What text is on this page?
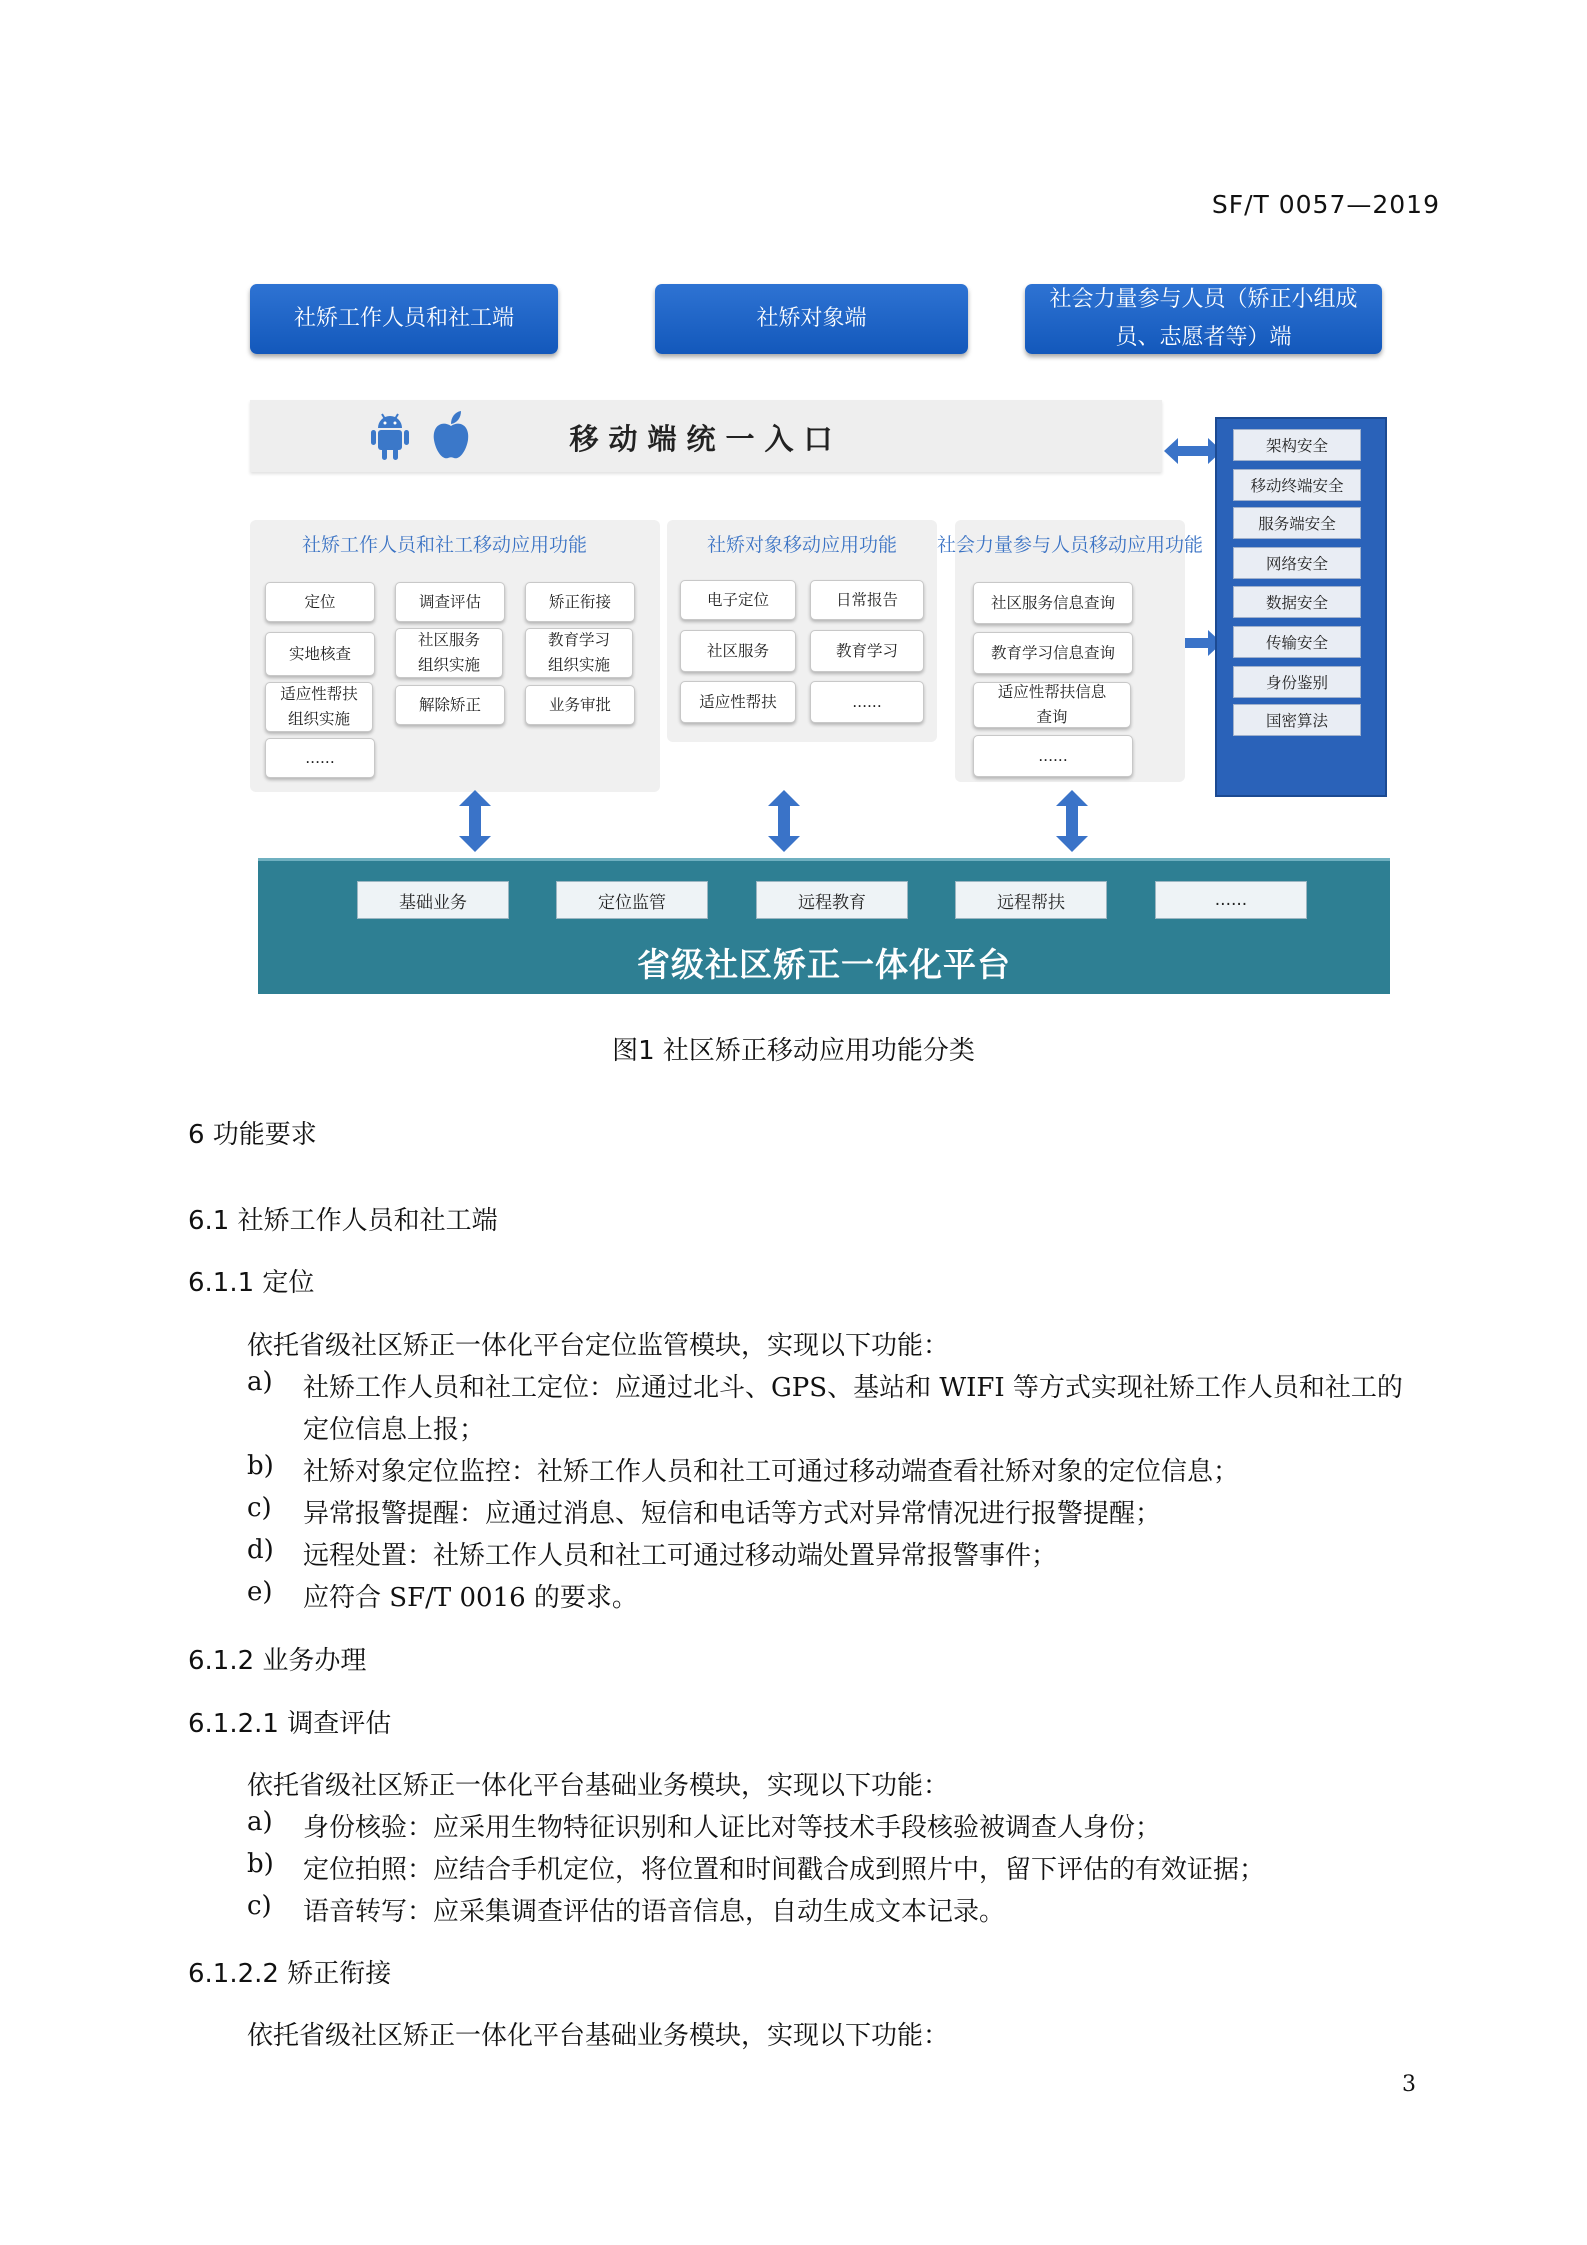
SF/T 0057—2019
社矫工作人员和社工端	社矫对象端
社会力量参与人员（矫正小组成员、志愿者等）端
移动端统一入口
社矫工作人员和社工移动应用功能
定位	调查评估	矫正衔接
实地核查
社区服务组织实施
教育学习组织实施
适应性帮扶组织实施
解除矫正	业务审批
......
社矫对象移动应用功能
电子定位	日常报告
社区服务	教育学习
适应性帮扶	......
社会力量参与人员移动应用功能
社区服务信息查询
教育学习信息查询
适应性帮扶信息查询
......
架构安全
移动终端安全
服务端安全
网络安全
数据安全
传输安全
身份鉴别
国密算法
基础业务	定位监管	远程教育	远程帮扶	......
省级社区矫正一体化平台
图1 社区矫正移动应用功能分类
6 功能要求
6.1 社矫工作人员和社工端
6.1.1 定位
依托省级社区矫正一体化平台定位监管模块，实现以下功能：
a) 社矫工作人员和社工定位：应通过北斗、GPS、基站和 WIFI 等方式实现社矫工作人员和社工的
定位信息上报；
b) 社矫对象定位监控：社矫工作人员和社工可通过移动端查看社矫对象的定位信息；
c) 异常报警提醒：应通过消息、短信和电话等方式对异常情况进行报警提醒；
d) 远程处置：社矫工作人员和社工可通过移动端处置异常报警事件；
e) 应符合 SF/T 0016 的要求。
6.1.2 业务办理
6.1.2.1 调查评估
依托省级社区矫正一体化平台基础业务模块，实现以下功能：
a) 身份核验：应采用生物特征识别和人证比对等技术手段核验被调查人身份；
b) 定位拍照：应结合手机定位，将位置和时间戳合成到照片中，留下评估的有效证据；
c) 语音转写：应采集调查评估的语音信息，自动生成文本记录。
6.1.2.2 矫正衔接
依托省级社区矫正一体化平台基础业务模块，实现以下功能：
3
